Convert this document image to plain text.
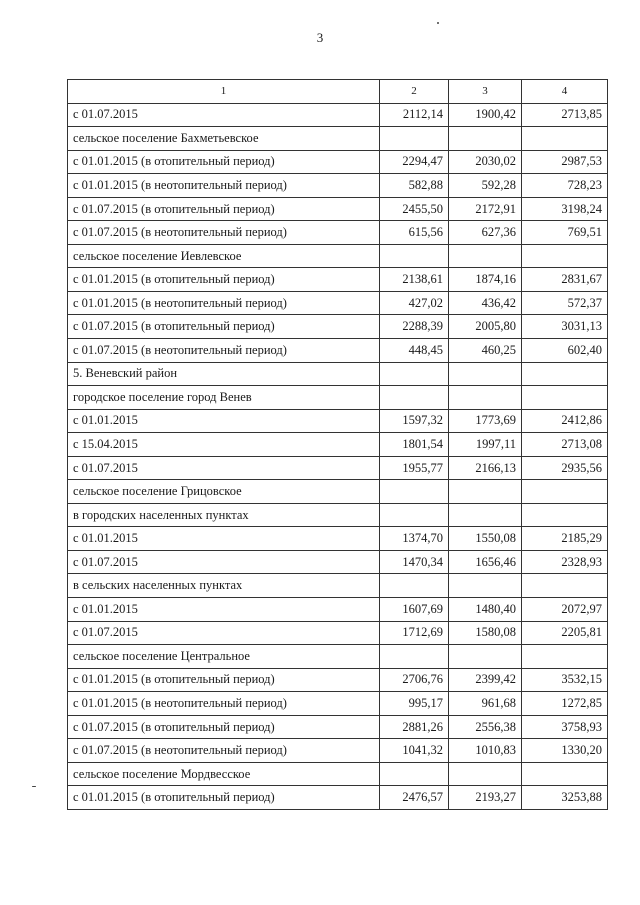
3
1	2	3	4
с 01.07.2015	2112,14	1900,42	2713,85
сельское поселение Бахметьевское			
с 01.01.2015 (в отопительный период)	2294,47	2030,02	2987,53
с 01.01.2015 (в неотопительный период)	582,88	592,28	728,23
с 01.07.2015 (в отопительный период)	2455,50	2172,91	3198,24
с 01.07.2015 (в неотопительный период)	615,56	627,36	769,51
сельское поселение Иевлевское			
с 01.01.2015 (в отопительный период)	2138,61	1874,16	2831,67
с 01.01.2015 (в неотопительный период)	427,02	436,42	572,37
с 01.07.2015 (в отопительный период)	2288,39	2005,80	3031,13
с 01.07.2015 (в неотопительный период)	448,45	460,25	602,40
5. Веневский район			
городское поселение город Венев			
с 01.01.2015	1597,32	1773,69	2412,86
с 15.04.2015	1801,54	1997,11	2713,08
с 01.07.2015	1955,77	2166,13	2935,56
сельское поселение Грицовское			
в городских населенных пунктах			
с 01.01.2015	1374,70	1550,08	2185,29
с 01.07.2015	1470,34	1656,46	2328,93
в сельских населенных пунктах			
с 01.01.2015	1607,69	1480,40	2072,97
с 01.07.2015	1712,69	1580,08	2205,81
сельское поселение Центральное			
с 01.01.2015 (в отопительный период)	2706,76	2399,42	3532,15
с 01.01.2015 (в неотопительный период)	995,17	961,68	1272,85
с 01.07.2015 (в отопительный период)	2881,26	2556,38	3758,93
с 01.07.2015 (в неотопительный период)	1041,32	1010,83	1330,20
сельское поселение Мордвесское			
с 01.01.2015 (в отопительный период)	2476,57	2193,27	3253,88
